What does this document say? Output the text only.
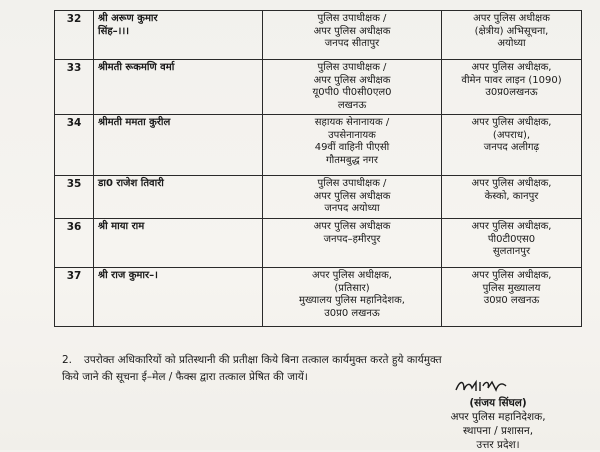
32	श्री अरूण कुमार
सिंह–।।।	पुलिस उपाधीक्षक /
अपर पुलिस अधीक्षक
जनपद सीतापुर	अपर पुलिस अधीक्षक
(क्षेत्रीय) अभिसूचना,
अयोध्या

33	श्रीमती रूकमणि वर्मा	पुलिस उपाधीक्षक /
अपर पुलिस अधीक्षक
यू0पी0 पी0सी0एल0
लखनऊ	अपर पुलिस अधीक्षक,
वीमेन पावर लाइन (1090)
उ0प्र0लखनऊ

34	श्रीमती ममता कुरील	सहायक सेनानायक /
उपसेनानायक
49वीं वाहिनी पीएसी
गौतमबुद्ध नगर	अपर पुलिस अधीक्षक,
(अपराध),
जनपद अलीगढ़

35	डा0 राजेश तिवारी	पुलिस उपाधीक्षक /
अपर पुलिस अधीक्षक
जनपद अयोध्या	अपर पुलिस अधीक्षक,
केस्को, कानपुर

36	श्री माया राम	अपर पुलिस अधीक्षक
जनपद–हमीरपुर	अपर पुलिस अधीक्षक,
पी0टी0एस0
सुलतानपुर

37	श्री राज कुमार–।	अपर पुलिस अधीक्षक,
(प्रतिसार)
मुख्यालय पुलिस महानिदेशक,
उ0प्र0 लखनऊ	अपर पुलिस अधीक्षक,
पुलिस मुख्यालय
उ0प्र0 लखनऊ
2. उपरोक्त अधिकारियों को प्रतिस्थानी की प्रतीक्षा किये बिना तत्काल कार्यमुक्त करते हुये कार्यमुक्त
किये जाने की सूचना ई–मेल / फैक्स द्वारा तत्काल प्रेषित की जायें।
(संजय सिंघल)
अपर पुलिस महानिदेशक,
स्थापना / प्रशासन,
उत्तर प्रदेश।
